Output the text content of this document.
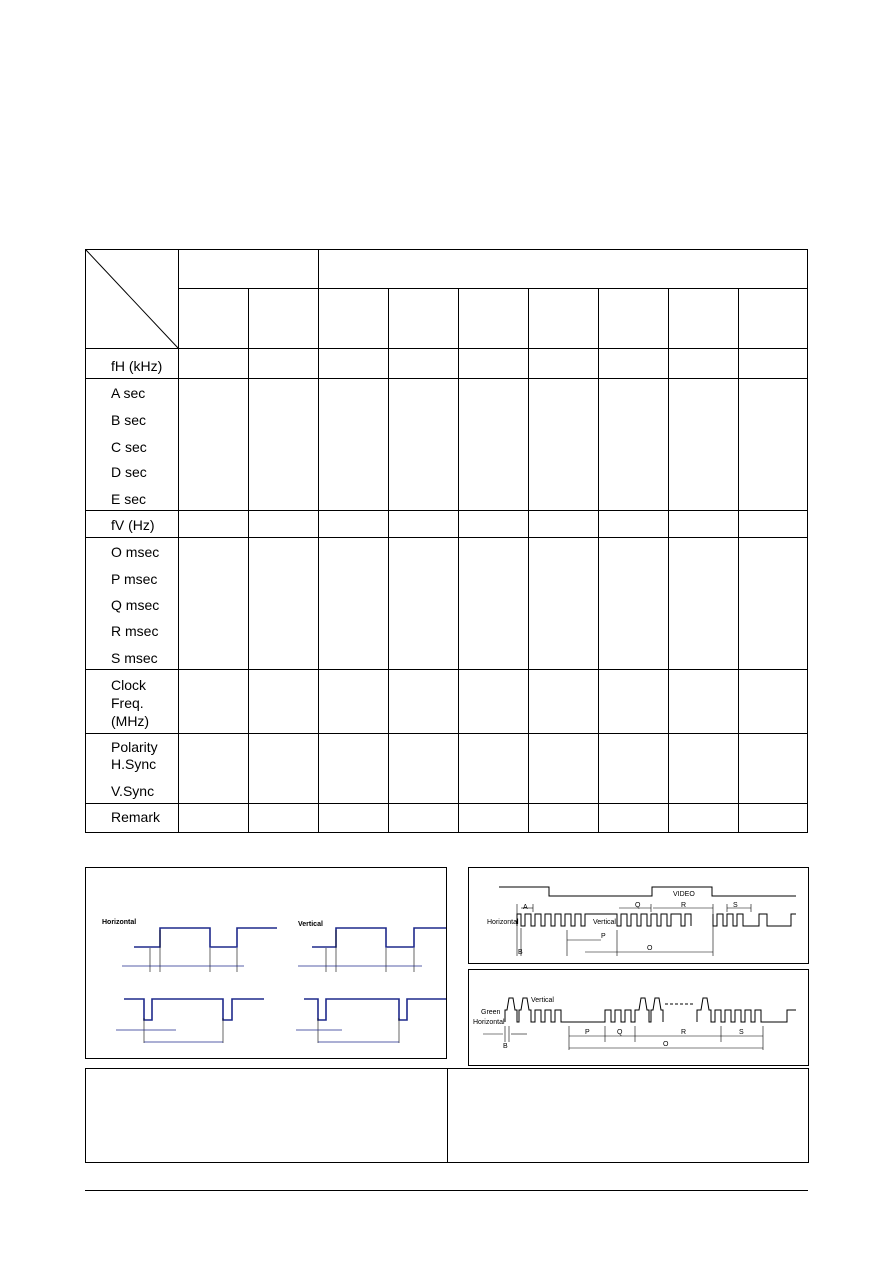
fH (kHz)
A sec
B sec
C sec
D sec
E sec
fV (Hz)
O msec
P msec
Q msec
R msec
S msec
Clock
Freq.
(MHz)
Polarity
H.Sync
V.Sync
Remark
Horizontal	Vertical
VIDEO
Horizontal	Vertical
A
B
Q	R	S
P
O
Green
Horizontal
Vertical
B
P	Q	R	S
O
